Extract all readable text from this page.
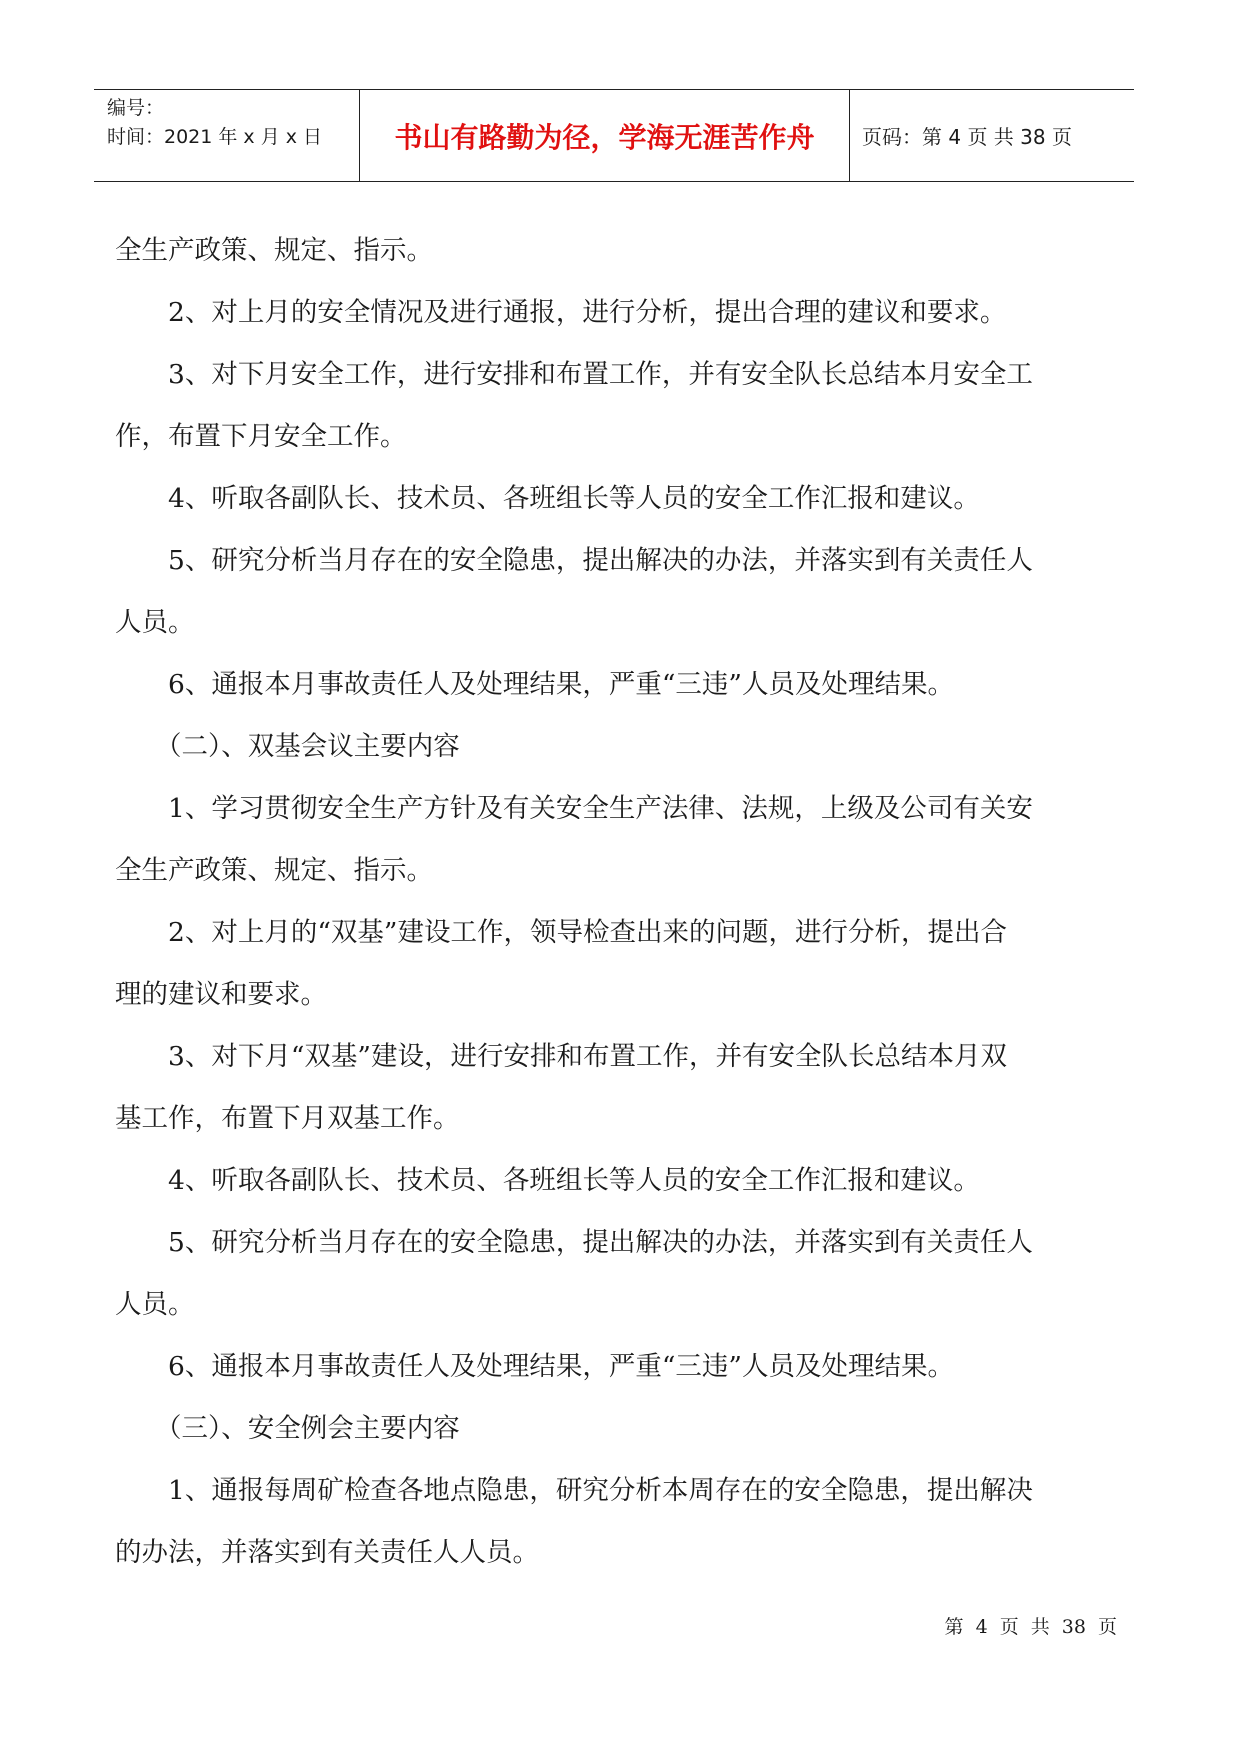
编号：
时间：2021 年 x 月 x 日	书山有路勤为径，学海无涯苦作舟	页码：第 4 页 共 38 页

全生产政策、规定、指示。

2、对上月的安全情况及进行通报，进行分析，提出合理的建议和要求。

3、对下月安全工作，进行安排和布置工作，并有安全队长总结本月安全工

作，布置下月安全工作。

4、听取各副队长、技术员、各班组长等人员的安全工作汇报和建议。

5、研究分析当月存在的安全隐患，提出解决的办法，并落实到有关责任人

人员。

6、通报本月事故责任人及处理结果，严重“三违”人员及处理结果。

（二）、双基会议主要内容

1、学习贯彻安全生产方针及有关安全生产法律、法规，上级及公司有关安

全生产政策、规定、指示。

2、对上月的“双基”建设工作，领导检查出来的问题，进行分析，提出合

理的建议和要求。

3、对下月“双基”建设，进行安排和布置工作，并有安全队长总结本月双

基工作，布置下月双基工作。

4、听取各副队长、技术员、各班组长等人员的安全工作汇报和建议。

5、研究分析当月存在的安全隐患，提出解决的办法，并落实到有关责任人

人员。

6、通报本月事故责任人及处理结果，严重“三违”人员及处理结果。

（三）、安全例会主要内容

1、通报每周矿检查各地点隐患，研究分析本周存在的安全隐患，提出解决

的办法，并落实到有关责任人人员。

第 4 页 共 38 页
